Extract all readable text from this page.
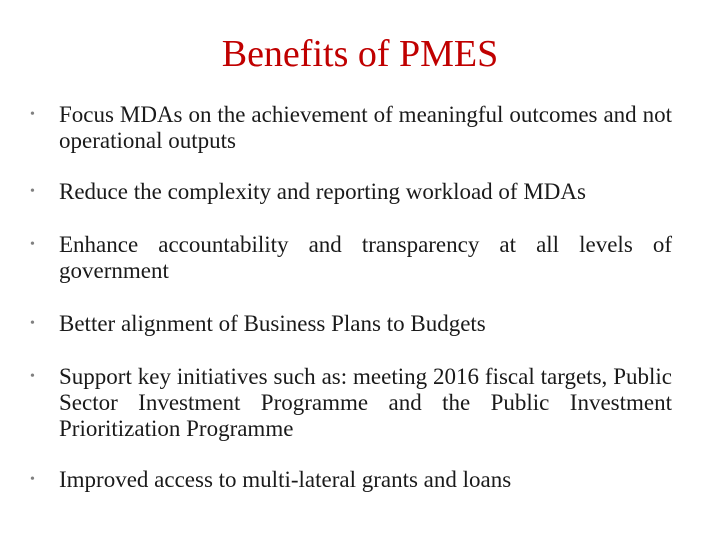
Benefits of PMES
•	Focus MDAs on the achievement of meaningful outcomes and not operational outputs
•	Reduce the complexity and reporting workload of MDAs
•	Enhance accountability and transparency at all levels of government
•	Better alignment of Business Plans to Budgets
•	Support key initiatives such as: meeting 2016 fiscal targets, Public Sector Investment Programme and the Public Investment Prioritization Programme
•	Improved access to multi-lateral grants and loans
